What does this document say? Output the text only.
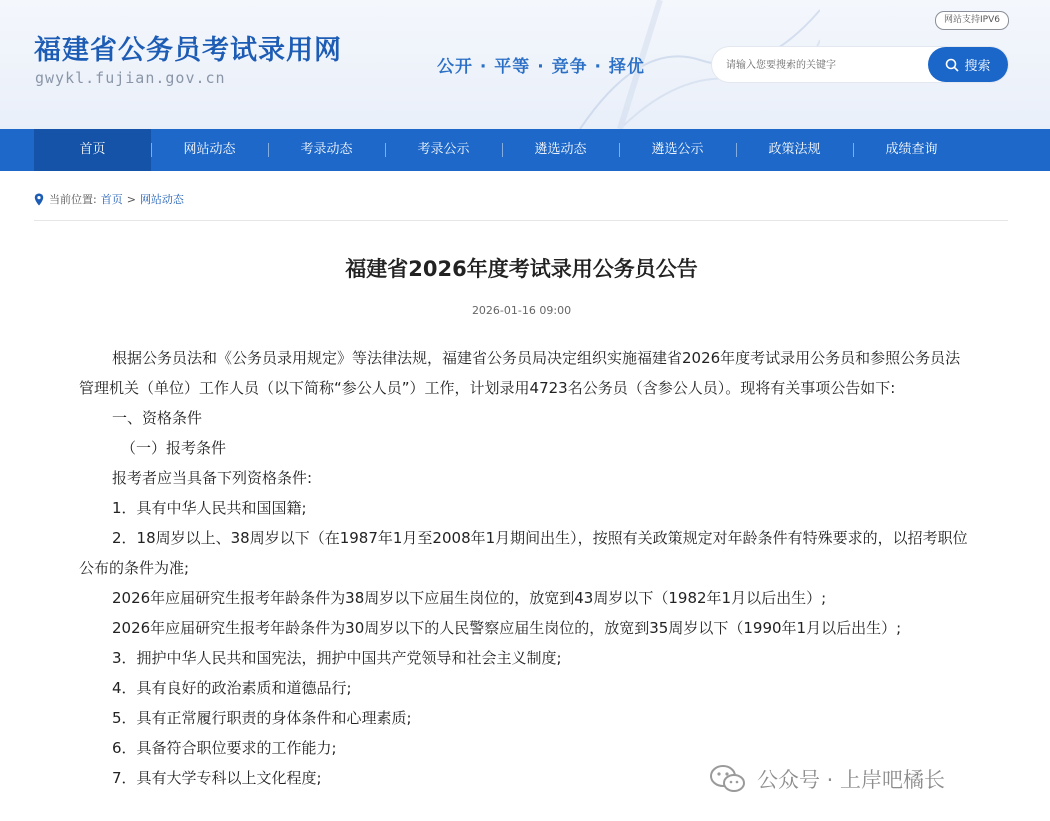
福建省公务员考试录用网
gwykl.fujian.gov.cn
公开 · 平等 · 竞争 · 择优
网站支持IPV6
请输入您要搜索的关键字
搜索
首页	网站动态	考录动态	考录公示	遴选动态	遴选公示	政策法规	成绩查询
当前位置: 首页 > 网站动态
福建省2026年度考试录用公务员公告
2026-01-16 09:00

根据公务员法和《公务员录用规定》等法律法规，福建省公务员局决定组织实施福建省2026年度考试录用公务员和参照公务员法管理机关（单位）工作人员（以下简称“参公人员”）工作，计划录用4723名公务员（含参公人员）。现将有关事项公告如下:

一、资格条件

（一）报考条件

报考者应当具备下列资格条件:

1．具有中华人民共和国国籍;

2．18周岁以上、38周岁以下（在1987年1月至2008年1月期间出生），按照有关政策规定对年龄条件有特殊要求的，以招考职位公布的条件为准;

2026年应届研究生报考年龄条件为38周岁以下应届生岗位的，放宽到43周岁以下（1982年1月以后出生）;

2026年应届研究生报考年龄条件为30周岁以下的人民警察应届生岗位的，放宽到35周岁以下（1990年1月以后出生）;

3．拥护中华人民共和国宪法，拥护中国共产党领导和社会主义制度;

4．具有良好的政治素质和道德品行;

5．具有正常履行职责的身体条件和心理素质;

6．具备符合职位要求的工作能力;

7．具有大学专科以上文化程度;	公众号 · 上岸吧橘长
